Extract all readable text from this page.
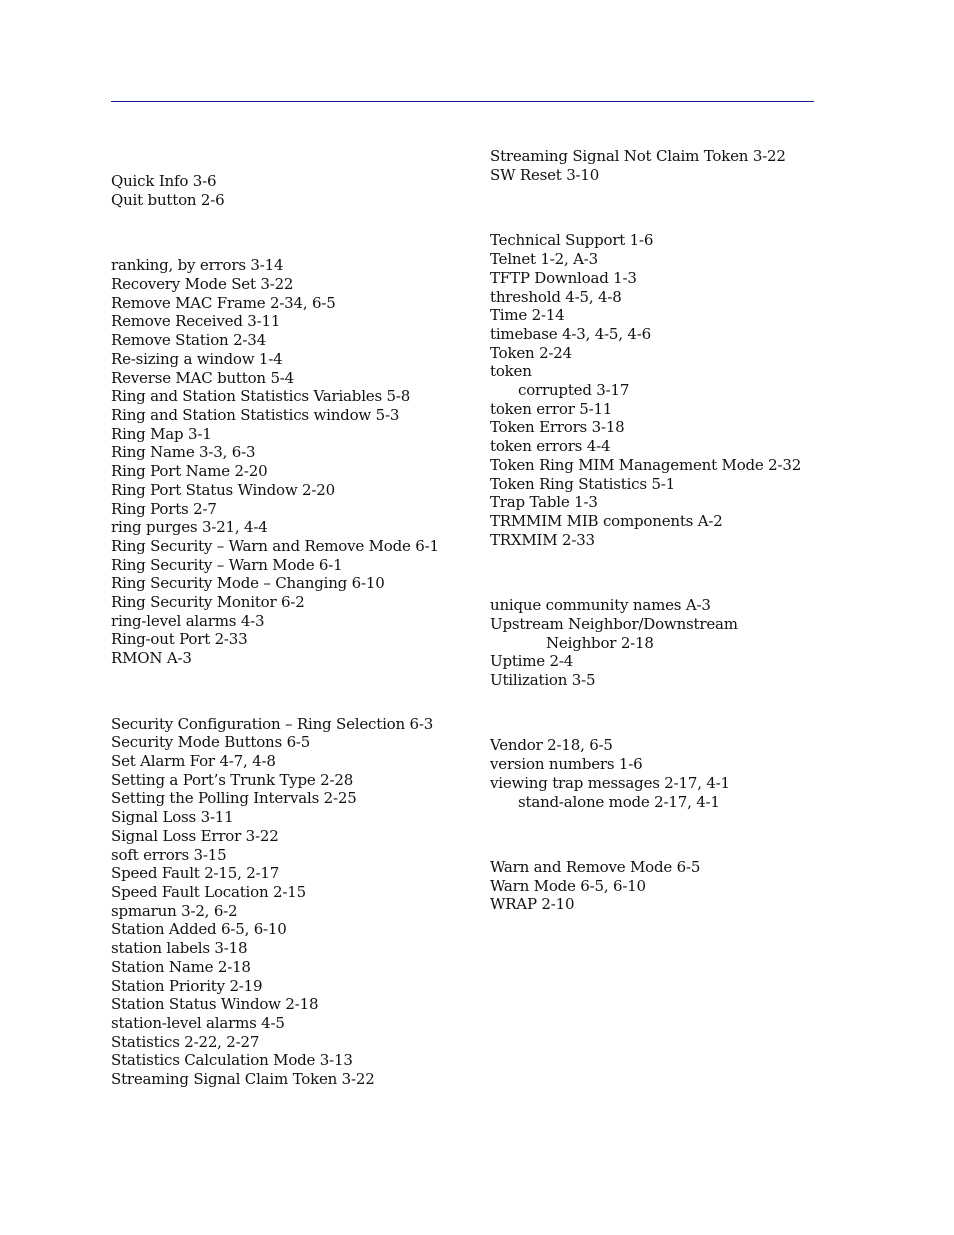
Quick Info 3-6
Quit button 2-6
ranking, by errors 3-14
Recovery Mode Set 3-22
Remove MAC Frame 2-34, 6-5
Remove Received 3-11
Remove Station 2-34
Re-sizing a window 1-4
Reverse MAC button 5-4
Ring and Station Statistics Variables 5-8
Ring and Station Statistics window 5-3
Ring Map 3-1
Ring Name 3-3, 6-3
Ring Port Name 2-20
Ring Port Status Window 2-20
Ring Ports 2-7
ring purges 3-21, 4-4
Ring Security – Warn and Remove Mode 6-1
Ring Security – Warn Mode 6-1
Ring Security Mode – Changing 6-10
Ring Security Monitor 6-2
ring-level alarms 4-3
Ring-out Port 2-33
RMON A-3
Security Configuration – Ring Selection 6-3
Security Mode Buttons 6-5
Set Alarm For 4-7, 4-8
Setting a Port’s Trunk Type 2-28
Setting the Polling Intervals 2-25
Signal Loss 3-11
Signal Loss Error 3-22
soft errors 3-15
Speed Fault 2-15, 2-17
Speed Fault Location 2-15
spmarun 3-2, 6-2
Station Added 6-5, 6-10
station labels 3-18
Station Name 2-18
Station Priority 2-19
Station Status Window 2-18
station-level alarms 4-5
Statistics 2-22, 2-27
Statistics Calculation Mode 3-13
Streaming Signal Claim Token 3-22
Streaming Signal Not Claim Token 3-22
SW Reset 3-10
Technical Support 1-6
Telnet 1-2, A-3
TFTP Download 1-3
threshold 4-5, 4-8
Time 2-14
timebase 4-3, 4-5, 4-6
Token 2-24
token
corrupted 3-17
token error 5-11
Token Errors 3-18
token errors 4-4
Token Ring MIM Management Mode 2-32
Token Ring Statistics 5-1
Trap Table 1-3
TRMMIM MIB components A-2
TRXMIM 2-33
unique community names A-3
Upstream Neighbor/Downstream
Neighbor 2-18
Uptime 2-4
Utilization 3-5
Vendor 2-18, 6-5
version numbers 1-6
viewing trap messages 2-17, 4-1
stand-alone mode 2-17, 4-1
Warn and Remove Mode 6-5
Warn Mode 6-5, 6-10
WRAP 2-10
